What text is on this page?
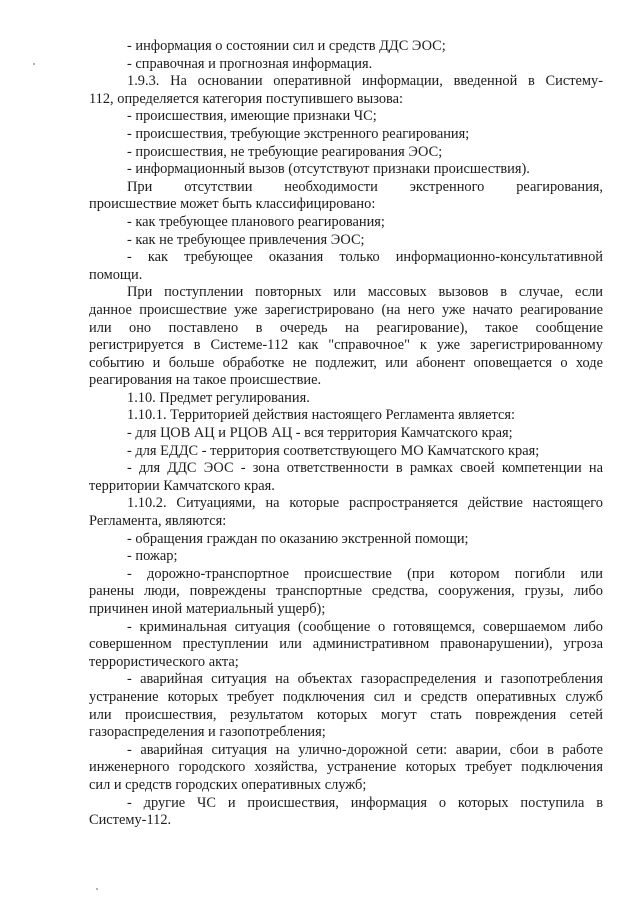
- информация о состоянии сил и средств ДДС ЭОС;
- справочная и прогнозная информация.
1.9.3. На основании оперативной информации, введенной в Систему-
112, определяется категория поступившего вызова:
- происшествия, имеющие признаки ЧС;
- происшествия, требующие экстренного реагирования;
- происшествия, не требующие реагирования ЭОС;
- информационный вызов (отсутствуют признаки происшествия).
При отсутствии необходимости экстренного реагирования,
происшествие может быть классифицировано:
- как требующее планового реагирования;
- как не требующее привлечения ЭОС;
- как требующее оказания только информационно-консультативной
помощи.
При поступлении повторных или массовых вызовов в случае, если
данное происшествие уже зарегистрировано (на него уже начато реагирование
или оно поставлено в очередь на реагирование), такое сообщение
регистрируется в Системе-112 как "справочное" к уже зарегистрированному
событию и больше обработке не подлежит, или абонент оповещается о ходе
реагирования на такое происшествие.
1.10. Предмет регулирования.
1.10.1. Территорией действия настоящего Регламента является:
- для ЦОВ АЦ и РЦОВ АЦ - вся территория Камчатского края;
- для ЕДДС - территория соответствующего МО Камчатского края;
- для ДДС ЭОС - зона ответственности в рамках своей компетенции на
территории Камчатского края.
1.10.2. Ситуациями, на которые распространяется действие настоящего
Регламента, являются:
- обращения граждан по оказанию экстренной помощи;
- пожар;
- дорожно-транспортное происшествие (при котором погибли или
ранены люди, повреждены транспортные средства, сооружения, грузы, либо
причинен иной материальный ущерб);
- криминальная ситуация (сообщение о готовящемся, совершаемом либо
совершенном преступлении или административном правонарушении), угроза
террористического акта;
- аварийная ситуация на объектах газораспределения и газопотребления
устранение которых требует подключения сил и средств оперативных служб
или происшествия, результатом которых могут стать повреждения сетей
газораспределения и газопотребления;
- аварийная ситуация на улично-дорожной сети: аварии, сбои в работе
инженерного городского хозяйства, устранение которых требует подключения
сил и средств городских оперативных служб;
- другие ЧС и происшествия, информация о которых поступила в
Систему-112.
